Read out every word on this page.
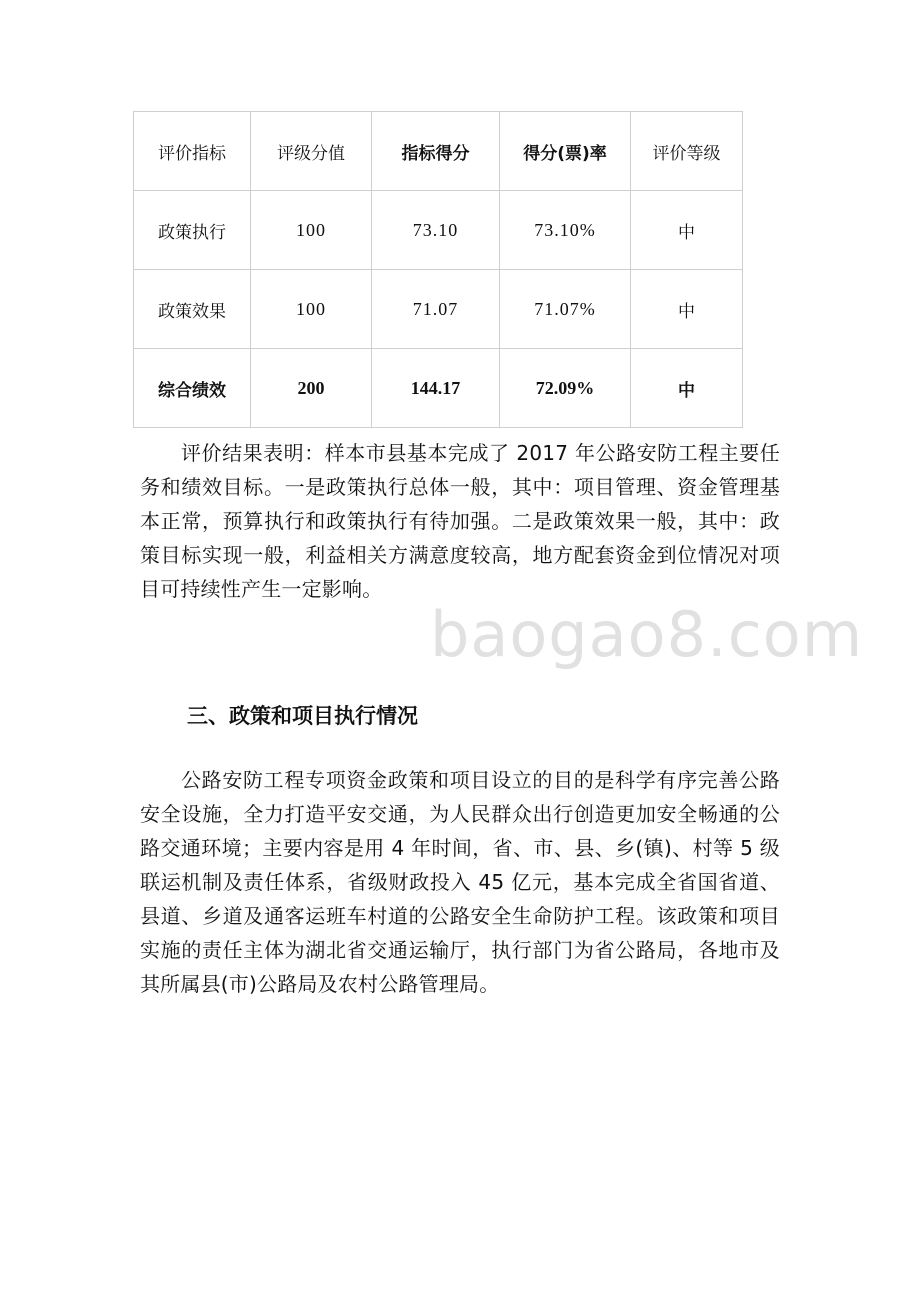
评价指标	评级分值	指标得分	得分(票)率	评价等级
政策执行	100	73.10	73.10%	中
政策效果	100	71.07	71.07%	中
综合绩效	200	144.17	72.09%	中

评价结果表明：样本市县基本完成了 2017 年公路安防工程主要任务和绩效目标。一是政策执行总体一般，其中：项目管理、资金管理基本正常，预算执行和政策执行有待加强。二是政策效果一般，其中：政策目标实现一般，利益相关方满意度较高，地方配套资金到位情况对项目可持续性产生一定影响。

baogao8.com
三、政策和项目执行情况

公路安防工程专项资金政策和项目设立的目的是科学有序完善公路安全设施，全力打造平安交通，为人民群众出行创造更加安全畅通的公路交通环境；主要内容是用 4 年时间，省、市、县、乡(镇)、村等 5 级联运机制及责任体系，省级财政投入 45 亿元，基本完成全省国省道、县道、乡道及通客运班车村道的公路安全生命防护工程。该政策和项目实施的责任主体为湖北省交通运输厅，执行部门为省公路局，各地市及其所属县(市)公路局及农村公路管理局。
